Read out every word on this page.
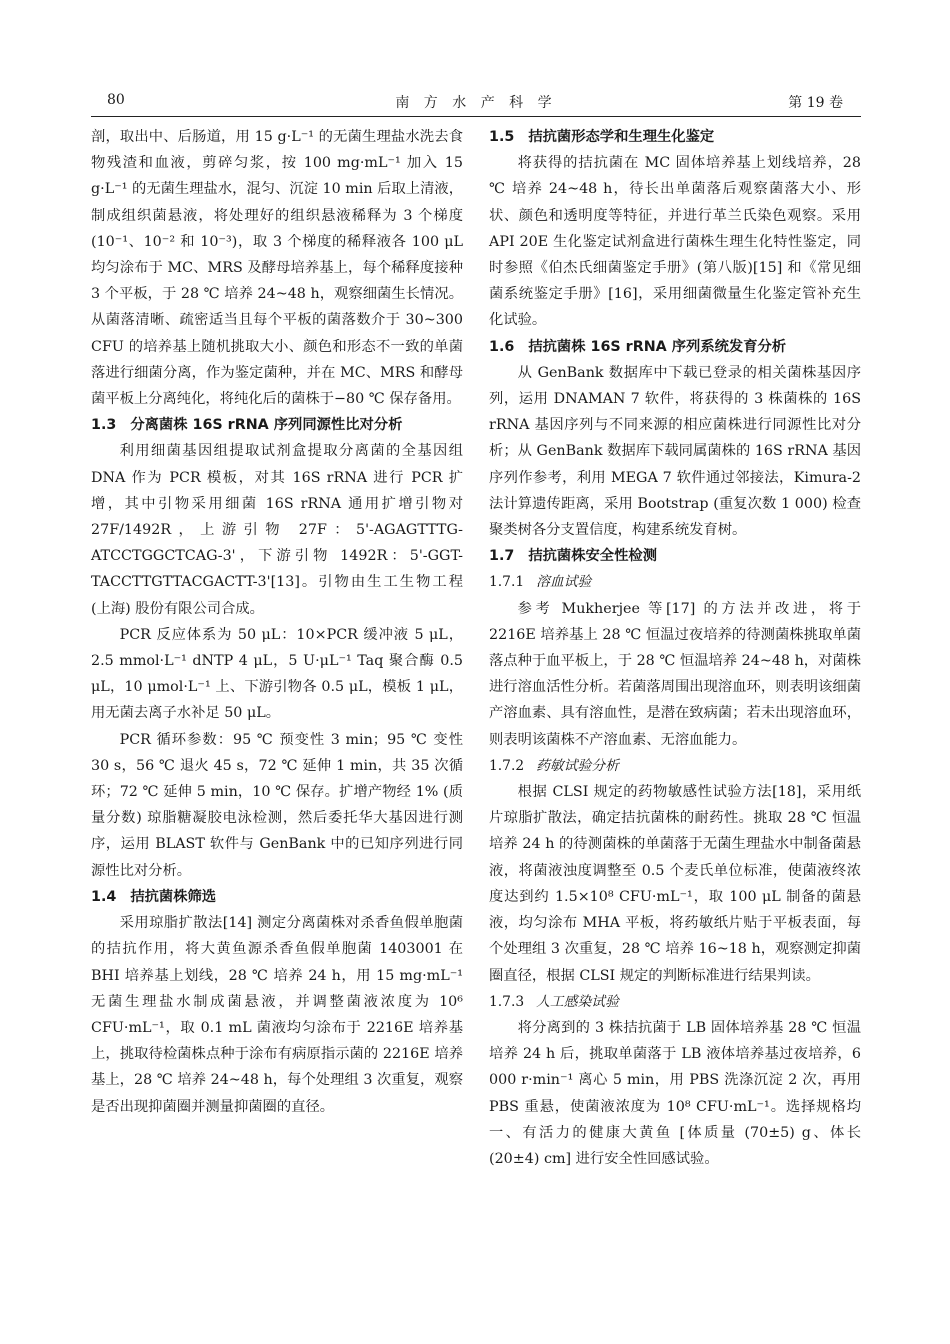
80	南 方 水 产 科 学	第 19 卷

剖，取出中、后肠道，用 15 g·L⁻¹ 的无菌生理盐水洗去食物残渣和血液，剪碎匀浆，按 100 mg·mL⁻¹ 加入 15 g·L⁻¹ 的无菌生理盐水，混匀、沉淀 10 min 后取上清液，制成组织菌悬液，将处理好的组织悬液稀释为 3 个梯度 (10⁻¹、10⁻² 和 10⁻³)，取 3 个梯度的稀释液各 100 μL 均匀涂布于 MC、MRS 及酵母培养基上，每个稀释度接种 3 个平板，于 28 ℃ 培养 24~48 h，观察细菌生长情况。从菌落清晰、疏密适当且每个平板的菌落数介于 30~300 CFU 的培养基上随机挑取大小、颜色和形态不一致的单菌落进行细菌分离，作为鉴定菌种，并在 MC、MRS 和酵母菌平板上分离纯化，将纯化后的菌株于−80 ℃ 保存备用。

1.3 分离菌株 16S rRNA 序列同源性比对分析

利用细菌基因组提取试剂盒提取分离菌的全基因组 DNA 作为 PCR 模板，对其 16S rRNA 进行 PCR 扩增，其中引物采用细菌 16S rRNA 通用扩增引物对 27F/1492R，上游引物 27F：5'-AGAGTTTG-ATCCTGGCTCAG-3'，下游引物 1492R：5'-GGT-TACCTTGTTACGACTT-3'[13]。引物由生工生物工程 (上海) 股份有限公司合成。

PCR 反应体系为 50 μL：10×PCR 缓冲液 5 μL，2.5 mmol·L⁻¹ dNTP 4 μL，5 U·μL⁻¹ Taq 聚合酶 0.5 μL，10 μmol·L⁻¹ 上、下游引物各 0.5 μL，模板 1 μL，用无菌去离子水补足 50 μL。

PCR 循环参数：95 ℃ 预变性 3 min；95 ℃ 变性 30 s，56 ℃ 退火 45 s，72 ℃ 延伸 1 min，共 35 次循环；72 ℃ 延伸 5 min，10 ℃ 保存。扩增产物经 1% (质量分数) 琼脂糖凝胶电泳检测，然后委托华大基因进行测序，运用 BLAST 软件与 GenBank 中的已知序列进行同源性比对分析。

1.4 拮抗菌株筛选

采用琼脂扩散法[14] 测定分离菌株对杀香鱼假单胞菌的拮抗作用，将大黄鱼源杀香鱼假单胞菌 1403001 在 BHI 培养基上划线，28 ℃ 培养 24 h，用 15 mg·mL⁻¹无菌生理盐水制成菌悬液，并调整菌液浓度为 10⁶ CFU·mL⁻¹，取 0.1 mL 菌液均匀涂布于 2216E 培养基上，挑取待检菌株点种于涂布有病原指示菌的 2216E 培养基上，28 ℃ 培养 24~48 h，每个处理组 3 次重复，观察是否出现抑菌圈并测量抑菌圈的直径。

1.5 拮抗菌形态学和生理生化鉴定

将获得的拮抗菌在 MC 固体培养基上划线培养，28 ℃ 培养 24~48 h，待长出单菌落后观察菌落大小、形状、颜色和透明度等特征，并进行革兰氏染色观察。采用 API 20E 生化鉴定试剂盒进行菌株生理生化特性鉴定，同时参照《伯杰氏细菌鉴定手册》(第八版)[15] 和《常见细菌系统鉴定手册》[16]，采用细菌微量生化鉴定管补充生化试验。

1.6 拮抗菌株 16S rRNA 序列系统发育分析

从 GenBank 数据库中下载已登录的相关菌株基因序列，运用 DNAMAN 7 软件，将获得的 3 株菌株的 16S rRNA 基因序列与不同来源的相应菌株进行同源性比对分析；从 GenBank 数据库下载同属菌株的 16S rRNA 基因序列作参考，利用 MEGA 7 软件通过邻接法，Kimura-2 法计算遗传距离，采用 Bootstrap (重复次数 1 000) 检查聚类树各分支置信度，构建系统发育树。

1.7 拮抗菌株安全性检测
1.7.1 溶血试验

参考 Mukherjee 等[17] 的方法并改进，将于 2216E 培养基上 28 ℃ 恒温过夜培养的待测菌株挑取单菌落点种于血平板上，于 28 ℃ 恒温培养 24~48 h，对菌株进行溶血活性分析。若菌落周围出现溶血环，则表明该细菌产溶血素、具有溶血性，是潜在致病菌；若未出现溶血环，则表明该菌株不产溶血素、无溶血能力。

1.7.2 药敏试验分析

根据 CLSI 规定的药物敏感性试验方法[18]，采用纸片琼脂扩散法，确定拮抗菌株的耐药性。挑取 28 ℃ 恒温培养 24 h 的待测菌株的单菌落于无菌生理盐水中制备菌悬液，将菌液浊度调整至 0.5 个麦氏单位标准，使菌液终浓度达到约 1.5×10⁸ CFU·mL⁻¹，取 100 μL 制备的菌悬液，均匀涂布 MHA 平板，将药敏纸片贴于平板表面，每个处理组 3 次重复，28 ℃ 培养 16~18 h，观察测定抑菌圈直径，根据 CLSI 规定的判断标准进行结果判读。

1.7.3 人工感染试验

将分离到的 3 株拮抗菌于 LB 固体培养基 28 ℃ 恒温培养 24 h 后，挑取单菌落于 LB 液体培养基过夜培养，6 000 r·min⁻¹ 离心 5 min，用 PBS 洗涤沉淀 2 次，再用 PBS 重悬，使菌液浓度为 10⁸ CFU·mL⁻¹。选择规格均一、有活力的健康大黄鱼 [体质量 (70±5) g、体长 (20±4) cm] 进行安全性回感试验。
